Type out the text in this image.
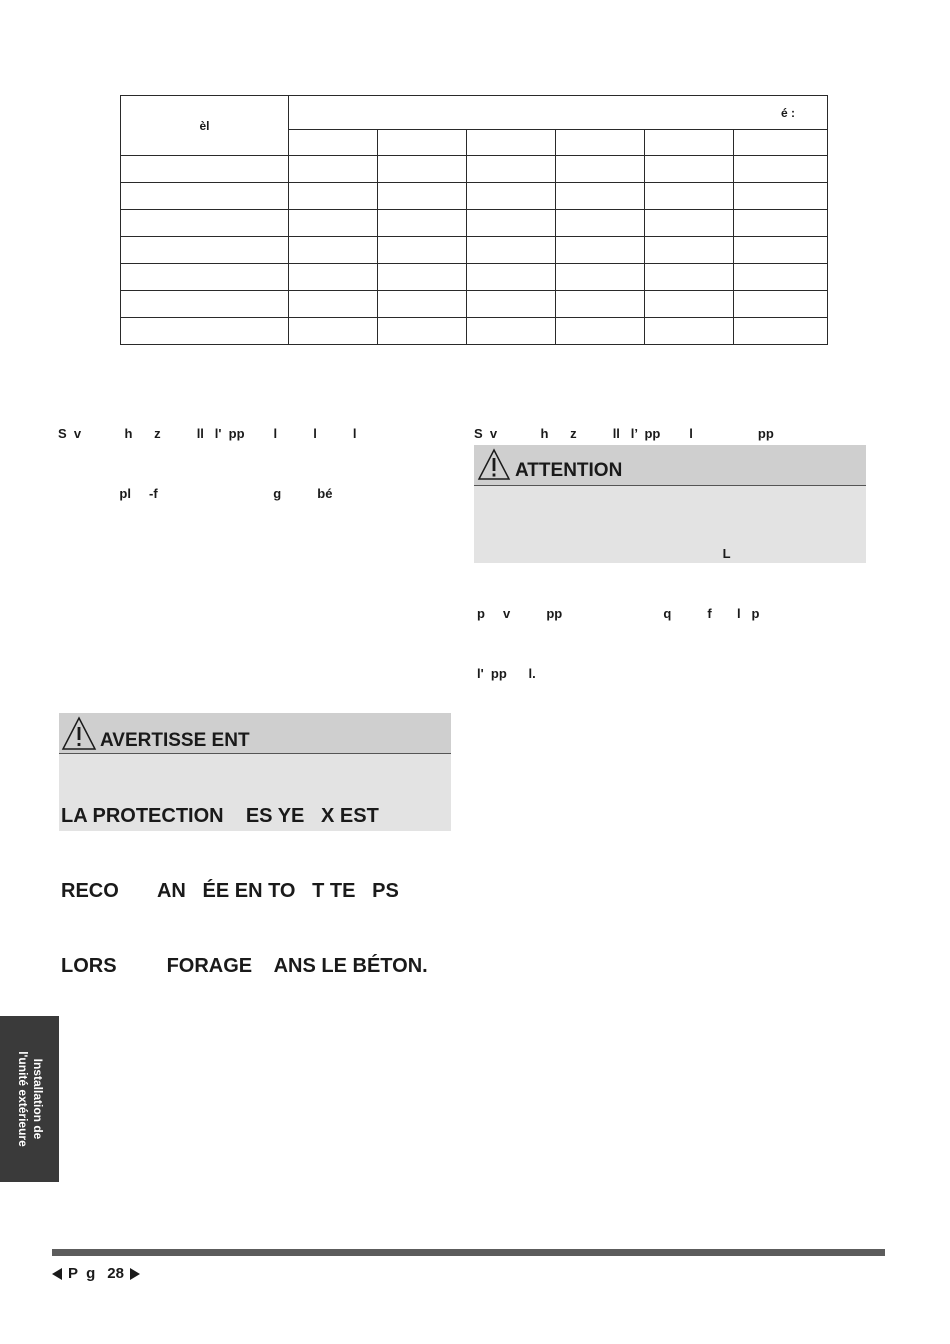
èl	é :					

S  v            h      z          ll   l'  pp        l          l          l

pl     -f                                g          bé

S  v            h      z          ll   l’  pp        l                  pp

ATTENTION

L

p     v          pp                            q          f       l   p

l'  pp      l.

AVERTISSE ENT

LA PROTECTION    ES YE   X EST

RECO       AN   ÉE EN TO   T TE   PS

LORS         FORAGE    ANS LE BÉTON.

Installation de
l'unité extérieure
P  g 28
